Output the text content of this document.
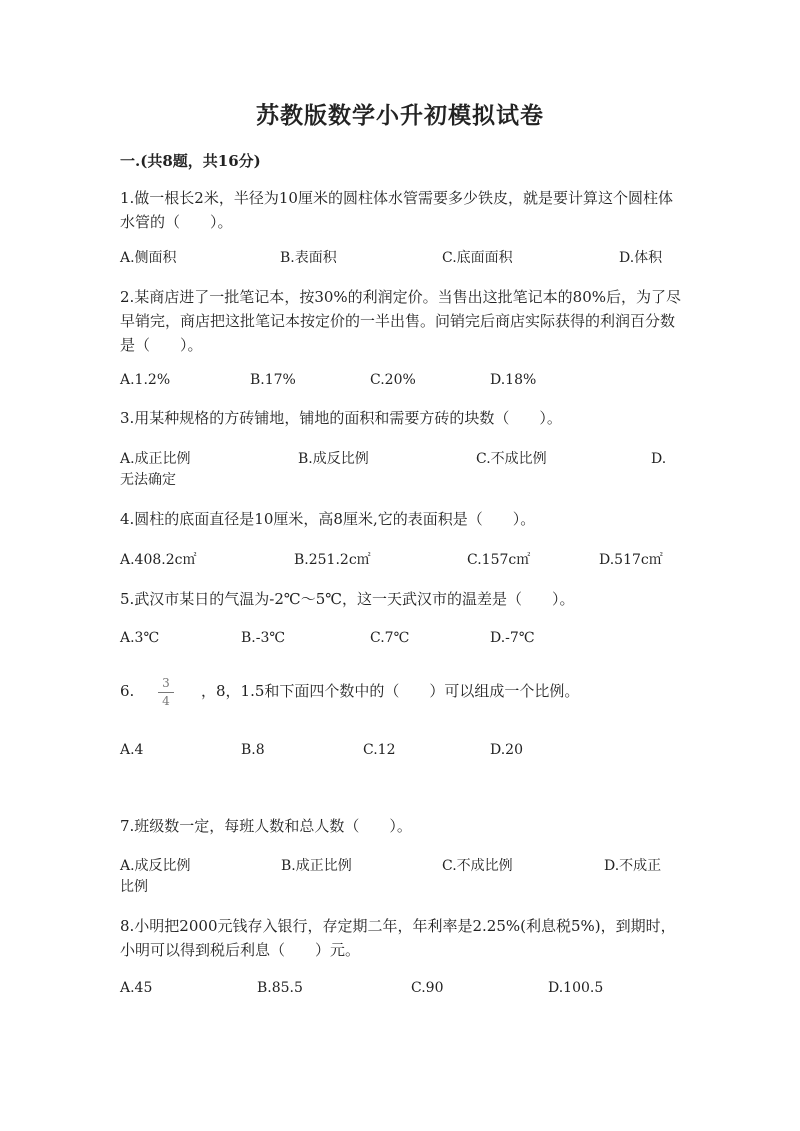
苏教版数学小升初模拟试卷
一.(共8题，共16分)
1.做一根长2米，半径为10厘米的圆柱体水管需要多少铁皮，就是要计算这个圆柱体水管的（　　）。
A.侧面积	B.表面积	C.底面面积	D.体积
2.某商店进了一批笔记本，按30%的利润定价。当售出这批笔记本的80%后，为了尽早销完，商店把这批笔记本按定价的一半出售。问销完后商店实际获得的利润百分数是（　　）。
A.1.2%	B.17%	C.20%	D.18%
3.用某种规格的方砖铺地，铺地的面积和需要方砖的块数（　　）。
A.成正比例	B.成反比例	C.不成比例	D.
无法确定
4.圆柱的底面直径是10厘米，高8厘米,它的表面积是（　　）。
A.408.2c㎡	B.251.2c㎡	C.157c㎡	D.517c㎡
5.武汉市某日的气温为-2℃～5℃，这一天武汉市的温差是（　　）。
A.3℃	B.-3℃	C.7℃	D.-7℃
6.	，8，1.5和下面四个数中的（　　）可以组成一个比例。
3
4
A.4	B.8	C.12	D.20
7.班级数一定，每班人数和总人数（　　）。
A.成反比例	B.成正比例	C.不成比例	D.不成正
比例
8.小明把2000元钱存入银行，存定期二年，年利率是2.25%(利息税5%)，到期时，小明可以得到税后利息（　　）元。
A.45	B.85.5	C.90	D.100.5
